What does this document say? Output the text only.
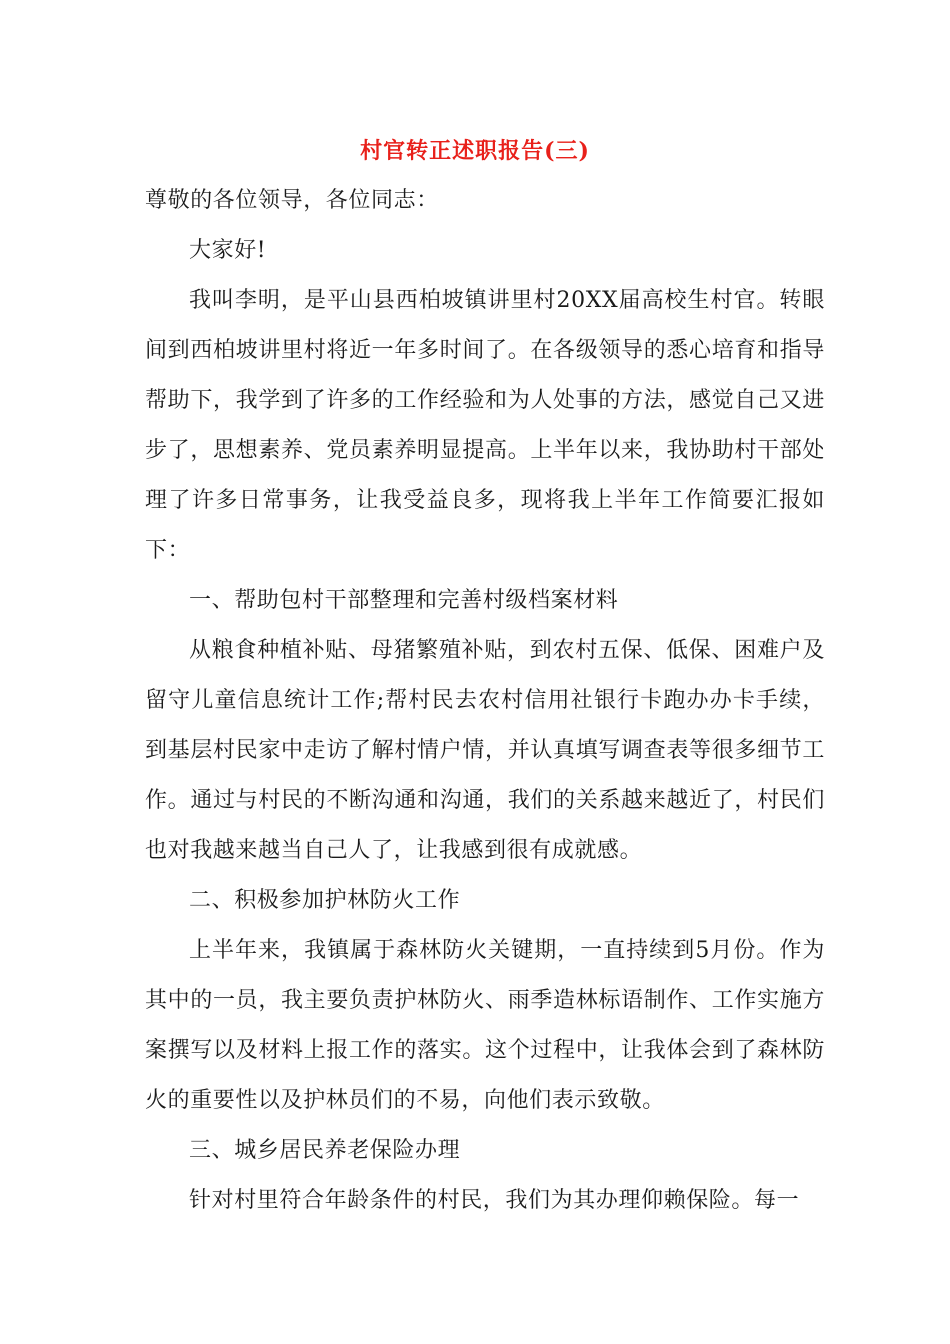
村官转正述职报告(三)

尊敬的各位领导，各位同志：

大家好!

我叫李明，是平山县西柏坡镇讲里村20XX届高校生村官。转眼间到西柏坡讲里村将近一年多时间了。在各级领导的悉心培育和指导帮助下，我学到了许多的工作经验和为人处事的方法，感觉自己又进步了，思想素养、党员素养明显提高。上半年以来，我协助村干部处理了许多日常事务，让我受益良多，现将我上半年工作简要汇报如下：

一、帮助包村干部整理和完善村级档案材料

从粮食种植补贴、母猪繁殖补贴，到农村五保、低保、困难户及留守儿童信息统计工作;帮村民去农村信用社银行卡跑办办卡手续，到基层村民家中走访了解村情户情，并认真填写调查表等很多细节工作。通过与村民的不断沟通和沟通，我们的关系越来越近了，村民们也对我越来越当自己人了，让我感到很有成就感。

二、积极参加护林防火工作

上半年来，我镇属于森林防火关键期，一直持续到5月份。作为其中的一员，我主要负责护林防火、雨季造林标语制作、工作实施方案撰写以及材料上报工作的落实。这个过程中，让我体会到了森林防火的重要性以及护林员们的不易，向他们表示致敬。

三、城乡居民养老保险办理

针对村里符合年龄条件的村民，我们为其办理仰赖保险。每一
